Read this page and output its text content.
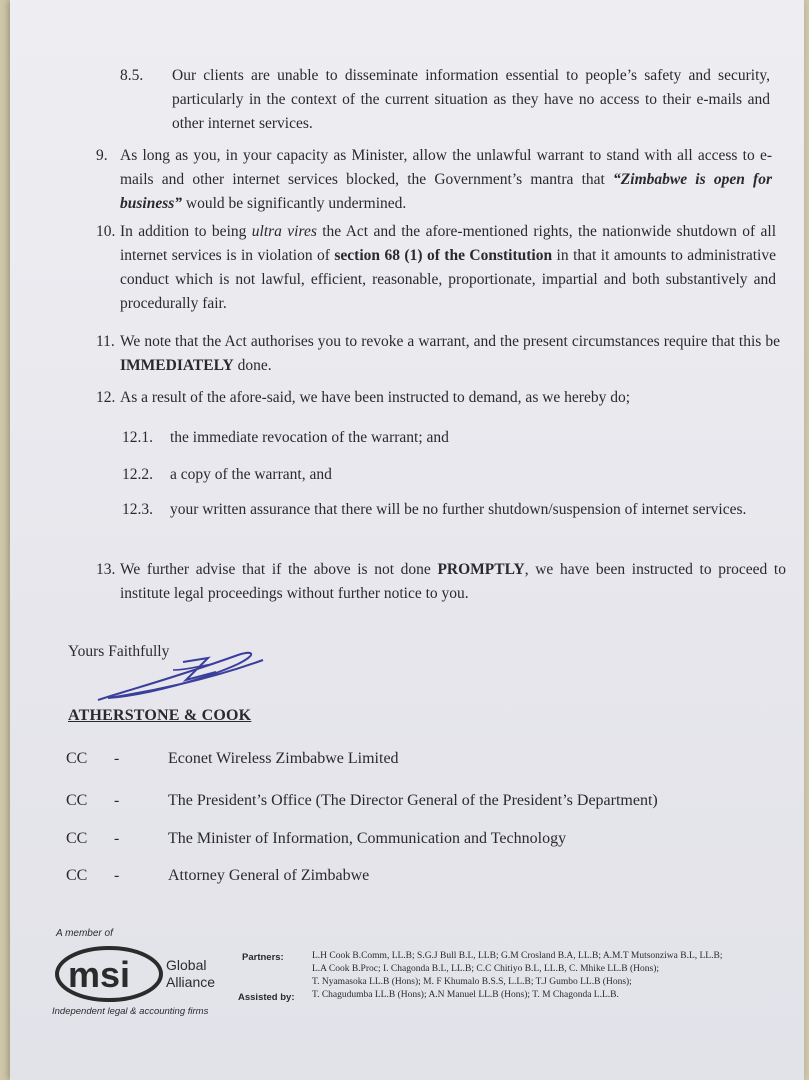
8.5. Our clients are unable to disseminate information essential to people’s safety and security, particularly in the context of the current situation as they have no access to their e-mails and other internet services.
9. As long as you, in your capacity as Minister, allow the unlawful warrant to stand with all access to e-mails and other internet services blocked, the Government’s mantra that “Zimbabwe is open for business” would be significantly undermined.
10. In addition to being ultra vires the Act and the afore-mentioned rights, the nationwide shutdown of all internet services is in violation of section 68 (1) of the Constitution in that it amounts to administrative conduct which is not lawful, efficient, reasonable, proportionate, impartial and both substantively and procedurally fair.
11. We note that the Act authorises you to revoke a warrant, and the present circumstances require that this be IMMEDIATELY done.
12. As a result of the afore-said, we have been instructed to demand, as we hereby do;
12.1. the immediate revocation of the warrant; and
12.2. a copy of the warrant, and
12.3. your written assurance that there will be no further shutdown/suspension of internet services.
13. We further advise that if the above is not done PROMPTLY, we have been instructed to proceed to institute legal proceedings without further notice to you.
Yours Faithfully
ATHERSTONE & COOK
CC -	Econet Wireless Zimbabwe Limited
CC -	The President’s Office (The Director General of the President’s Department)
CC -	The Minister of Information, Communication and Technology
CC -	Attorney General of Zimbabwe
A member of
msi	Global
Alliance
Independent legal & accounting firms
Partners:
Assisted by:
L.H Cook B.Comm, LL.B; S.G.J Bull B.L, LLB; G.M Crosland B.A, LL.B; A.M.T Mutsonziwa B.L, LL.B;
L.A Cook B.Proc; I. Chagonda B.L, LL.B; C.C Chitiyo B.L, LL.B, C. Mhike LL.B (Hons);
T. Nyamasoka LL.B (Hons); M. F Khumalo B.S.S, L.L.B; T.J Gumbo LL.B (Hons);
T. Chagudumba LL.B (Hons); A.N Manuel LL.B (Hons); T. M Chagonda L.L.B.
